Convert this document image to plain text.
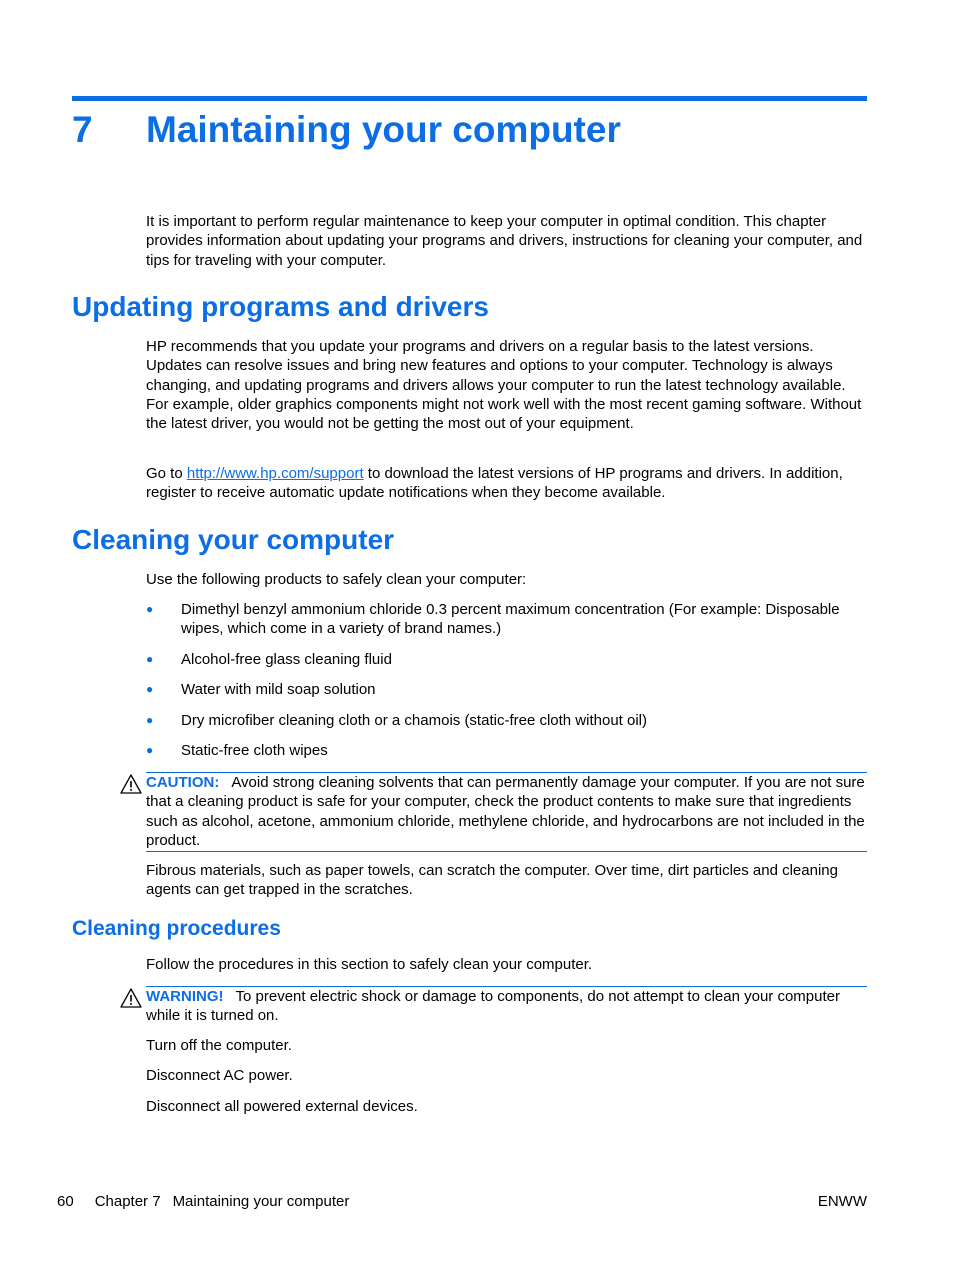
7 Maintaining your computer

It is important to perform regular maintenance to keep your computer in optimal condition. This chapter provides information about updating your programs and drivers, instructions for cleaning your computer, and tips for traveling with your computer.

Updating programs and drivers

HP recommends that you update your programs and drivers on a regular basis to the latest versions. Updates can resolve issues and bring new features and options to your computer. Technology is always changing, and updating programs and drivers allows your computer to run the latest technology available. For example, older graphics components might not work well with the most recent gaming software. Without the latest driver, you would not be getting the most out of your equipment.

Go to http://www.hp.com/support to download the latest versions of HP programs and drivers. In addition, register to receive automatic update notifications when they become available.

Cleaning your computer

Use the following products to safely clean your computer:

● Dimethyl benzyl ammonium chloride 0.3 percent maximum concentration (For example: Disposable wipes, which come in a variety of brand names.)
● Alcohol-free glass cleaning fluid
● Water with mild soap solution
● Dry microfiber cleaning cloth or a chamois (static-free cloth without oil)
● Static-free cloth wipes
CAUTION: Avoid strong cleaning solvents that can permanently damage your computer. If you are not sure that a cleaning product is safe for your computer, check the product contents to make sure that ingredients such as alcohol, acetone, ammonium chloride, methylene chloride, and hydrocarbons are not included in the product.

Fibrous materials, such as paper towels, can scratch the computer. Over time, dirt particles and cleaning agents can get trapped in the scratches.

Cleaning procedures

Follow the procedures in this section to safely clean your computer.

WARNING! To prevent electric shock or damage to components, do not attempt to clean your computer while it is turned on.

Turn off the computer.

Disconnect AC power.

Disconnect all powered external devices.

60 Chapter 7 Maintaining your computer	ENWW
